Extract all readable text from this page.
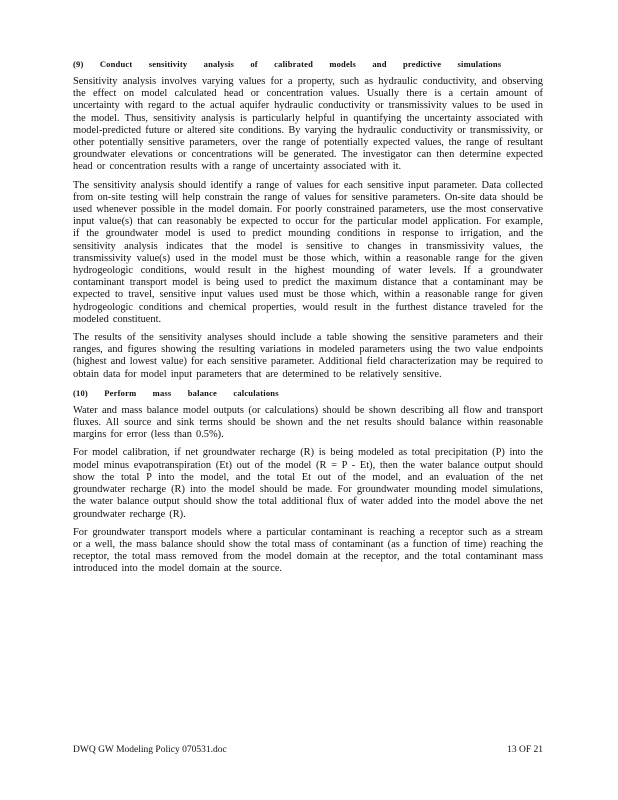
(9) Conduct sensitivity analysis of calibrated models and predictive simulations

Sensitivity analysis involves varying values for a property, such as hydraulic conductivity, and observing the effect on model calculated head or concentration values. Usually there is a certain amount of uncertainty with regard to the actual aquifer hydraulic conductivity or transmissivity values to be used in the model. Thus, sensitivity analysis is particularly helpful in quantifying the uncertainty associated with model-predicted future or altered site conditions. By varying the hydraulic conductivity or transmissivity, or other potentially sensitive parameters, over the range of potentially expected values, the range of resultant groundwater elevations or concentrations will be generated. The investigator can then determine expected head or concentration results with a range of uncertainty associated with it.

The sensitivity analysis should identify a range of values for each sensitive input parameter. Data collected from on-site testing will help constrain the range of values for sensitive parameters. On-site data should be used whenever possible in the model domain. For poorly constrained parameters, use the most conservative input value(s) that can reasonably be expected to occur for the particular model application. For example, if the groundwater model is used to predict mounding conditions in response to irrigation, and the sensitivity analysis indicates that the model is sensitive to changes in transmissivity values, the transmissivity value(s) used in the model must be those which, within a reasonable range for the given hydrogeologic conditions, would result in the highest mounding of water levels. If a groundwater contaminant transport model is being used to predict the maximum distance that a contaminant may be expected to travel, sensitive input values used must be those which, within a reasonable range for given hydrogeologic conditions and chemical properties, would result in the furthest distance traveled for the modeled constituent.

The results of the sensitivity analyses should include a table showing the sensitive parameters and their ranges, and figures showing the resulting variations in modeled parameters using the two value endpoints (highest and lowest value) for each sensitive parameter. Additional field characterization may be required to obtain data for model input parameters that are determined to be relatively sensitive.

(10) Perform mass balance calculations

Water and mass balance model outputs (or calculations) should be shown describing all flow and transport fluxes. All source and sink terms should be shown and the net results should balance within reasonable margins for error (less than 0.5%).

For model calibration, if net groundwater recharge (R) is being modeled as total precipitation (P) into the model minus evapotranspiration (Et) out of the model (R = P - Et), then the water balance output should show the total P into the model, and the total Et out of the model, and an evaluation of the net groundwater recharge (R) into the model should be made. For groundwater mounding model simulations, the water balance output should show the total additional flux of water added into the model above the net groundwater recharge (R).

For groundwater transport models where a particular contaminant is reaching a receptor such as a stream or a well, the mass balance should show the total mass of contaminant (as a function of time) reaching the receptor, the total mass removed from the model domain at the receptor, and the total contaminant mass introduced into the model domain at the source.

DWQ GW Modeling Policy 070531.doc	13 OF 21
